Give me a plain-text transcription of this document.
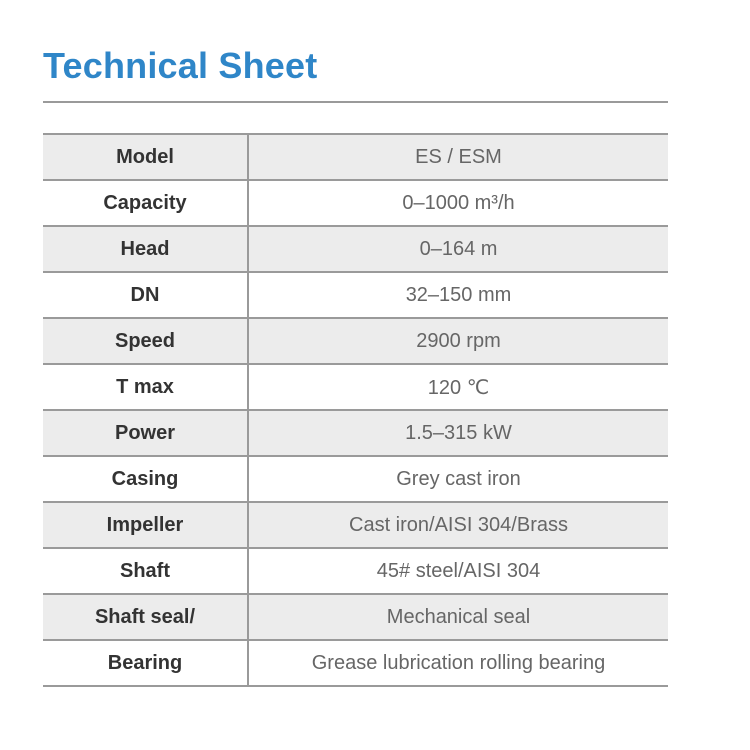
Technical Sheet
Model	ES / ESM
Capacity	0–1000 m³/h
Head	0–164 m
DN	32–150 mm
Speed	2900 rpm
T max	120 ℃
Power	1.5–315 kW
Casing	Grey cast iron
Impeller	Cast iron/AISI 304/Brass
Shaft	45# steel/AISI 304
Shaft seal/	Mechanical seal
Bearing	Grease lubrication rolling bearing
